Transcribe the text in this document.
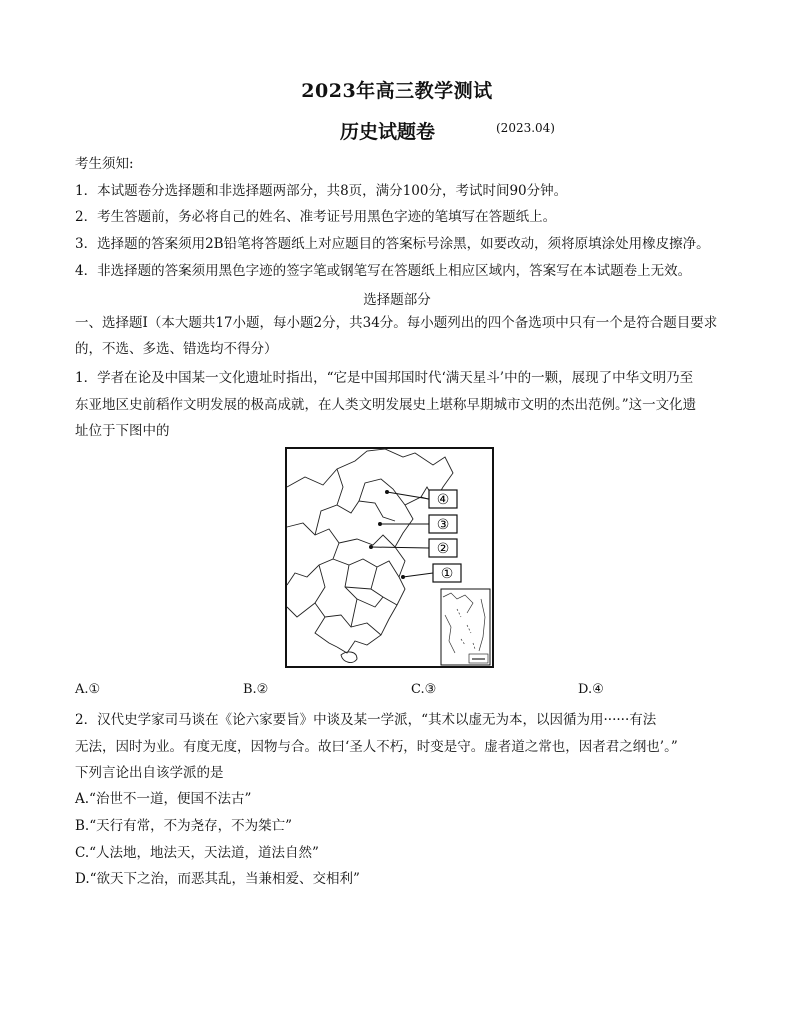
2023年高三教学测试
历史试题卷	(2023.04)
考生须知:
1．本试题卷分选择题和非选择题两部分，共8页，满分100分，考试时间90分钟。
2．考生答题前，务必将自己的姓名、准考证号用黑色字迹的笔填写在答题纸上。
3．选择题的答案须用2B铅笔将答题纸上对应题目的答案标号涂黑，如要改动，须将原填涂处用橡皮擦净。
4．非选择题的答案须用黑色字迹的签字笔或钢笔写在答题纸上相应区域内，答案写在本试题卷上无效。
选择题部分
一、选择题Ⅰ（本大题共17小题，每小题2分，共34分。每小题列出的四个备选项中只有一个是符合题目要求
的，不选、多选、错选均不得分）
1．学者在论及中国某一文化遗址时指出，“它是中国邦国时代‘满天星斗’中的一颗，展现了中华文明乃至
东亚地区史前稻作文明发展的极高成就，在人类文明发展史上堪称早期城市文明的杰出范例。”这一文化遗
址位于下图中的
④
③
②
①
A.①	B.②	C.③	D.④
2．汉代史学家司马谈在《论六家要旨》中谈及某一学派，“其术以虚无为本，以因循为用······有法
无法，因时为业。有度无度，因物与合。故曰‘圣人不朽，时变是守。虚者道之常也，因者君之纲也’。”
下列言论出自该学派的是
A.“治世不一道，便国不法古”
B.“天行有常，不为尧存，不为桀亡”
C.“人法地，地法天，天法道，道法自然”
D.“欲天下之治，而恶其乱，当兼相爱、交相利”
